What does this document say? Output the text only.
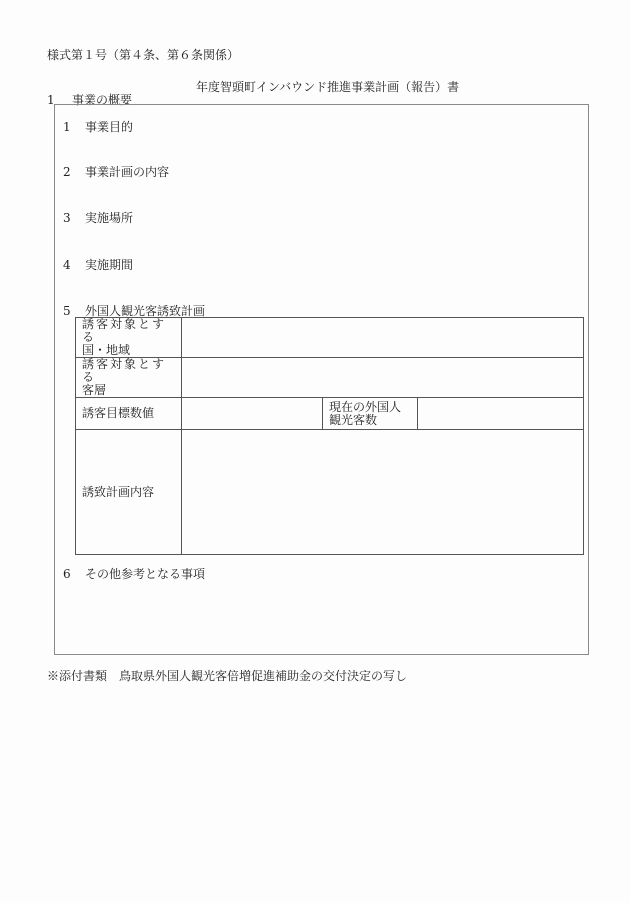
様式第１号（第４条、第６条関係）
年度智頭町インバウンド推進事業計画（報告）書
1 事業の概要
1 事業目的
2 事業計画の内容
3 実施場所
4 実施期間
5 外国人観光客誘致計画
誘客対象とする
国・地域			
誘客対象とする
客層			
誘客目標数値		現在の外国人
観光客数	
誘致計画内容			
6 その他参考となる事項
※添付書類 鳥取県外国人観光客倍増促進補助金の交付決定の写し
